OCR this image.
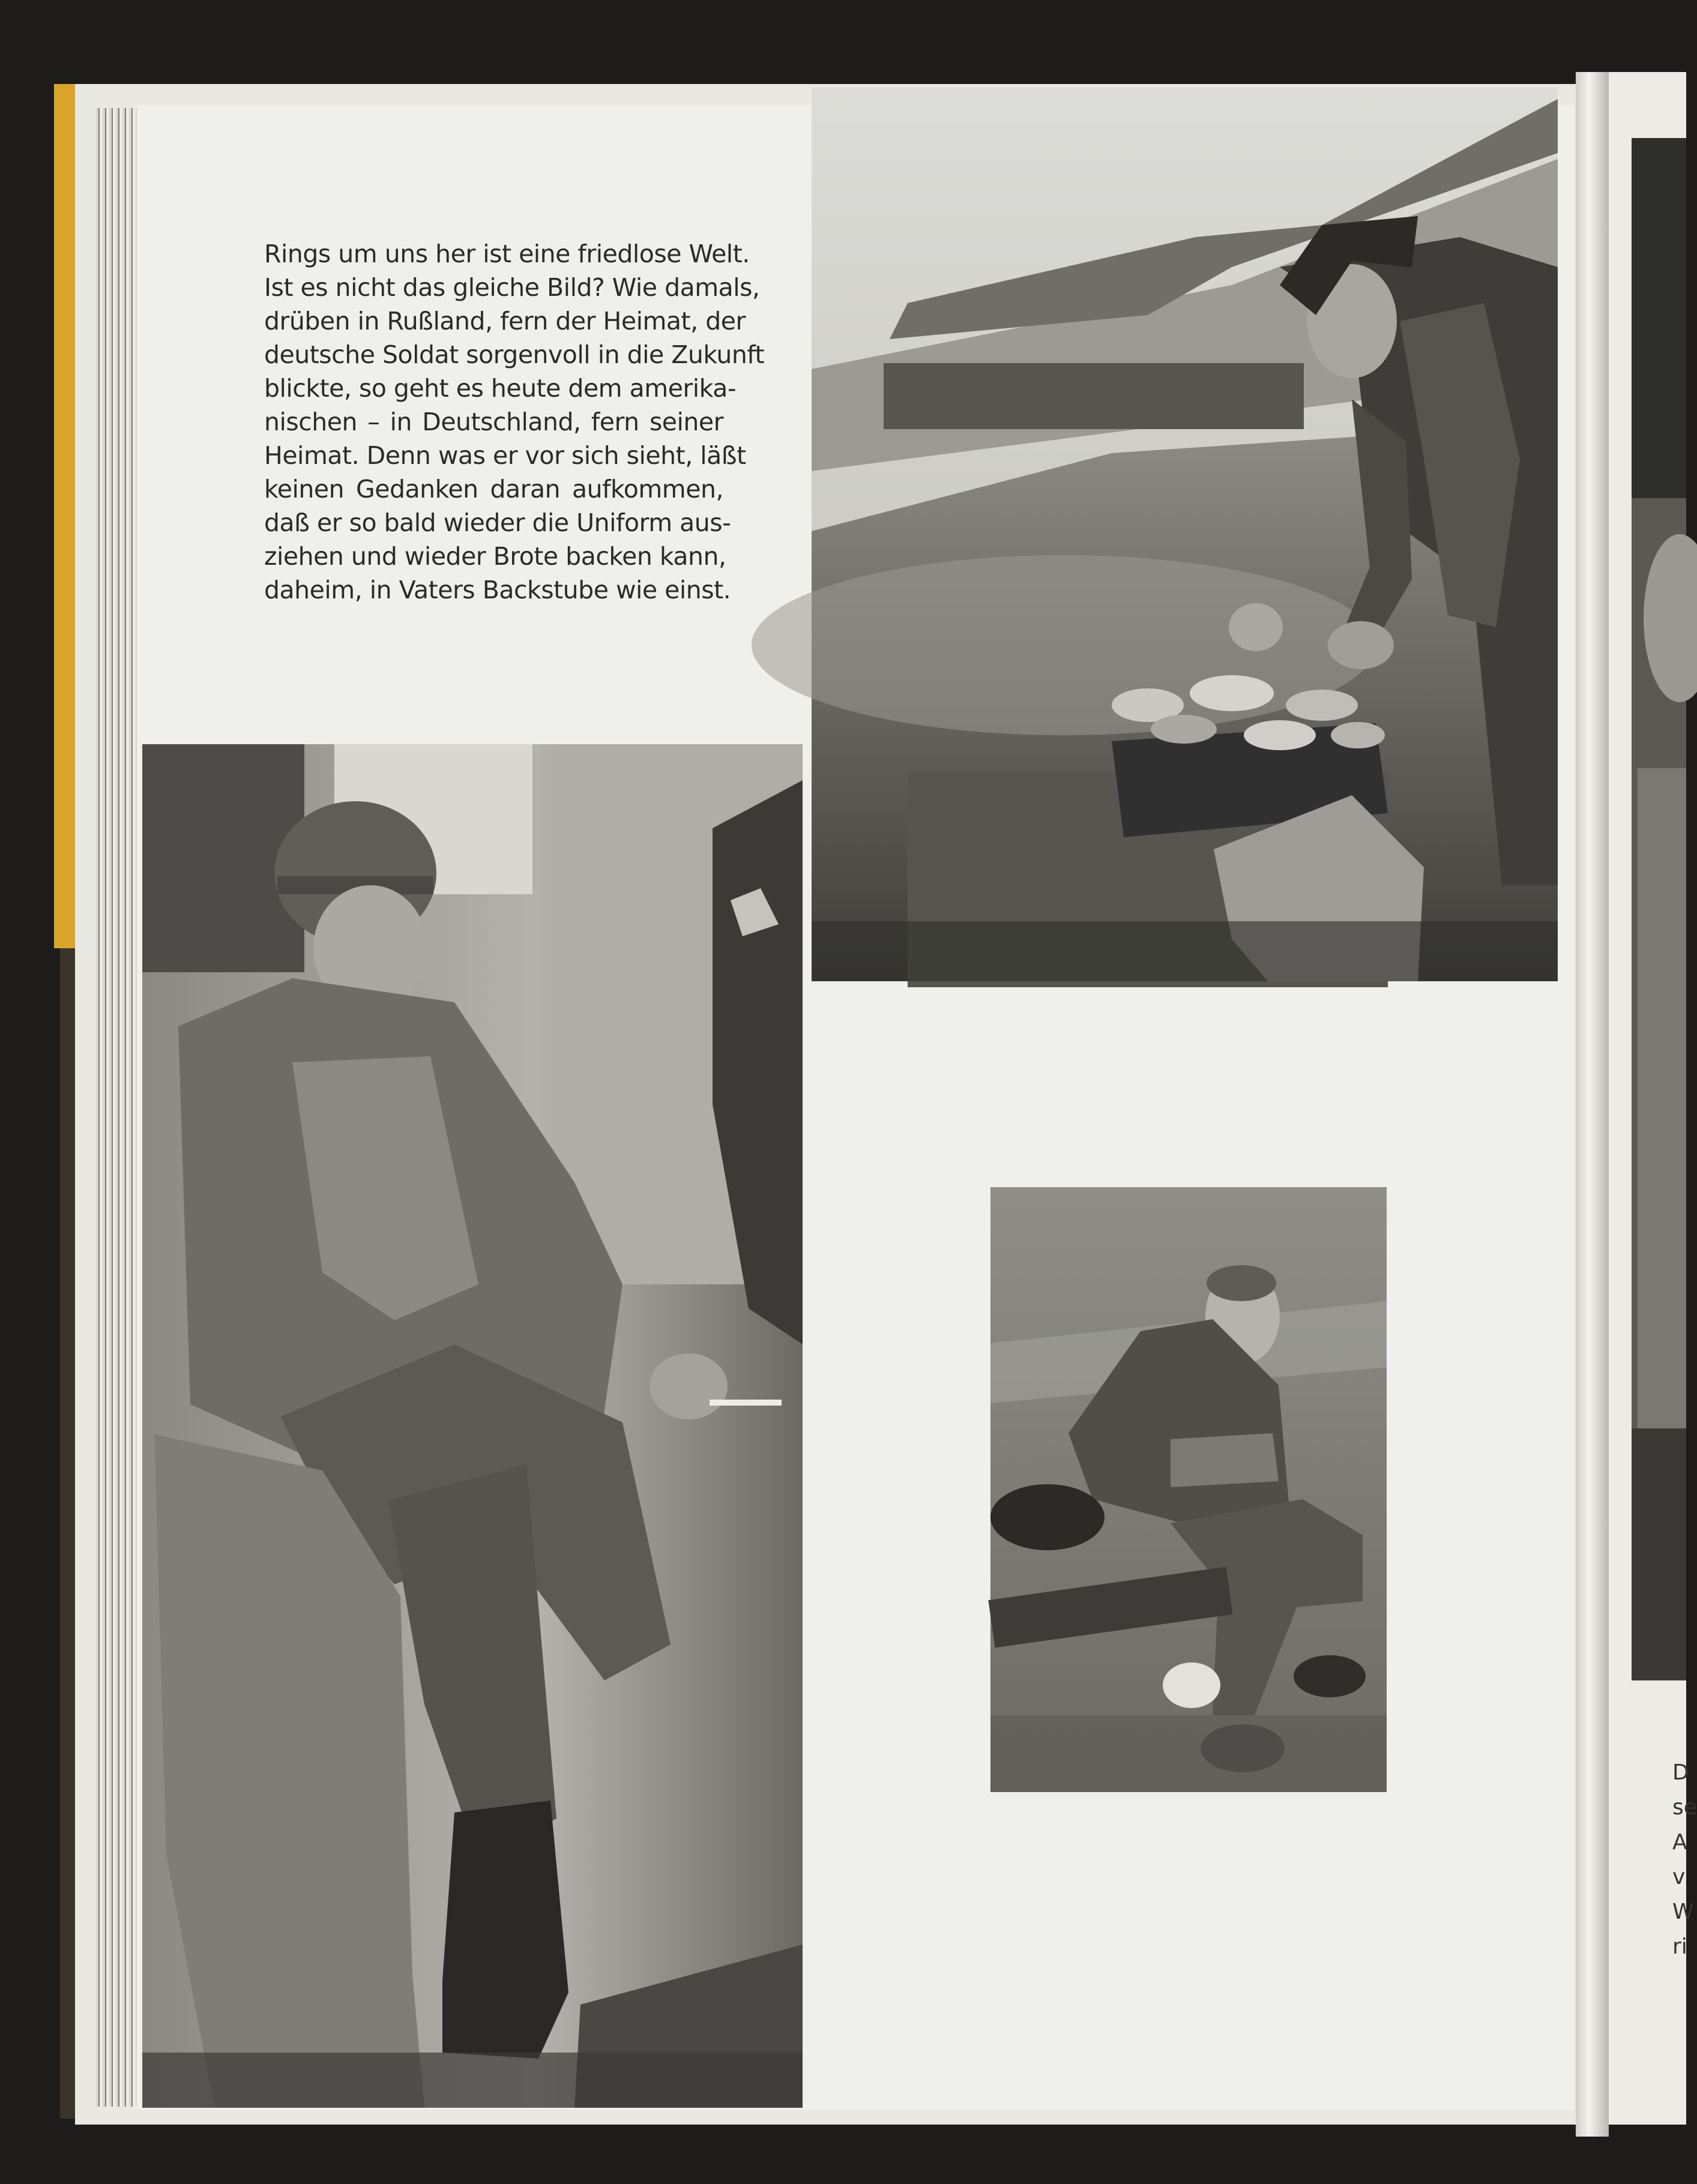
D
se
A
v
W
ri
Rings um uns her ist eine friedlose Welt.
Ist es nicht das gleiche Bild? Wie damals,
drüben in Rußland, fern der Heimat, der
deutsche Soldat sorgenvoll in die Zukunft
blickte, so geht es heute dem amerika-
nischen – in Deutschland, fern seiner
Heimat. Denn was er vor sich sieht, läßt
keinen Gedanken daran aufkommen,
daß er so bald wieder die Uniform aus-
ziehen und wieder Brote backen kann,
daheim, in Vaters Backstube wie einst.
